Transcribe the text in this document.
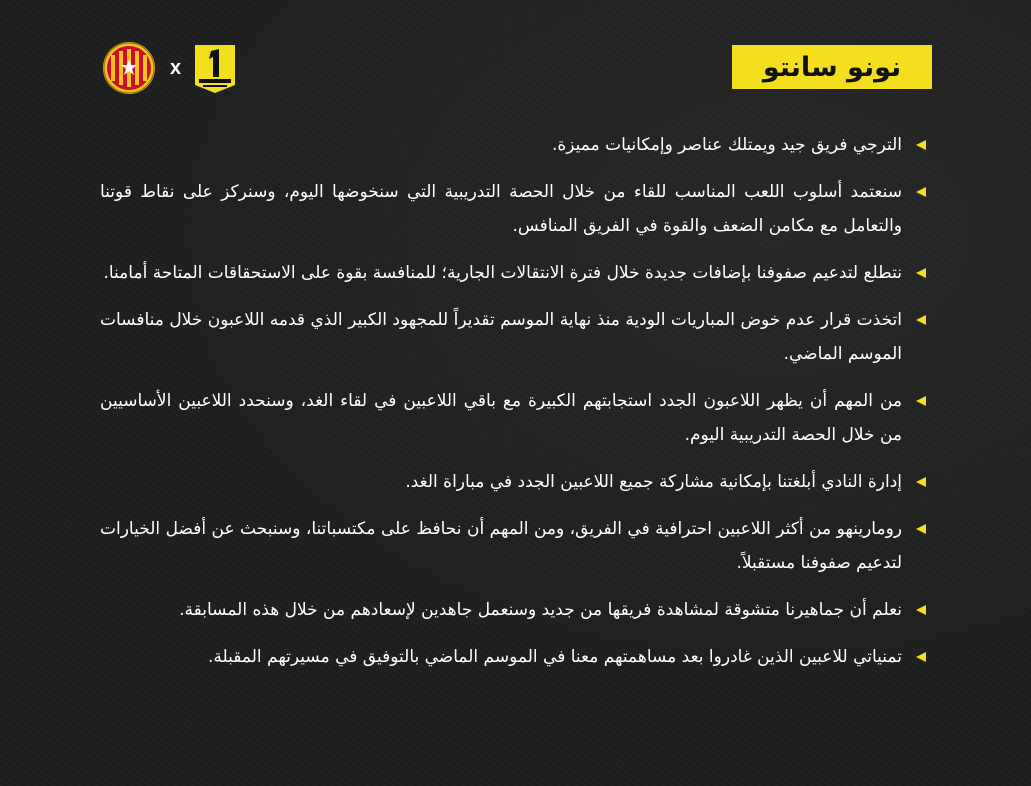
نونو سانتو
x
الترجي فريق جيد ويمتلك عناصر وإمكانيات مميزة.
سنعتمد أسلوب اللعب المناسب للقاء من خلال الحصة التدريبية التي سنخوضها اليوم، وسنركز على نقاط قوتنا والتعامل مع مكامن الضعف والقوة في الفريق المنافس.
نتطلع لتدعيم صفوفنا بإضافات جديدة خلال فترة الانتقالات الجارية؛ للمنافسة بقوة على الاستحقاقات المتاحة أمامنا.
اتخذت قرار عدم خوض المباريات الودية منذ نهاية الموسم تقديراً للمجهود الكبير الذي قدمه اللاعبون خلال منافسات الموسم الماضي.
من المهم أن يظهر اللاعبون الجدد استجابتهم الكبيرة مع باقي اللاعبين في لقاء الغد، وسنحدد اللاعبين الأساسيين من خلال الحصة التدريبية اليوم.
إدارة النادي أبلغتنا بإمكانية مشاركة جميع اللاعبين الجدد في مباراة الغد.
رومارينهو من أكثر اللاعبين احترافية في الفريق، ومن المهم أن نحافظ على مكتسباتنا، وسنبحث عن أفضل الخيارات لتدعيم صفوفنا مستقبلاً.
نعلم أن جماهيرنا متشوقة لمشاهدة فريقها من جديد وسنعمل جاهدين لإسعادهم من خلال هذه المسابقة.
تمنياتي للاعبين الذين غادروا بعد مساهمتهم معنا في الموسم الماضي بالتوفيق في مسيرتهم المقبلة.
